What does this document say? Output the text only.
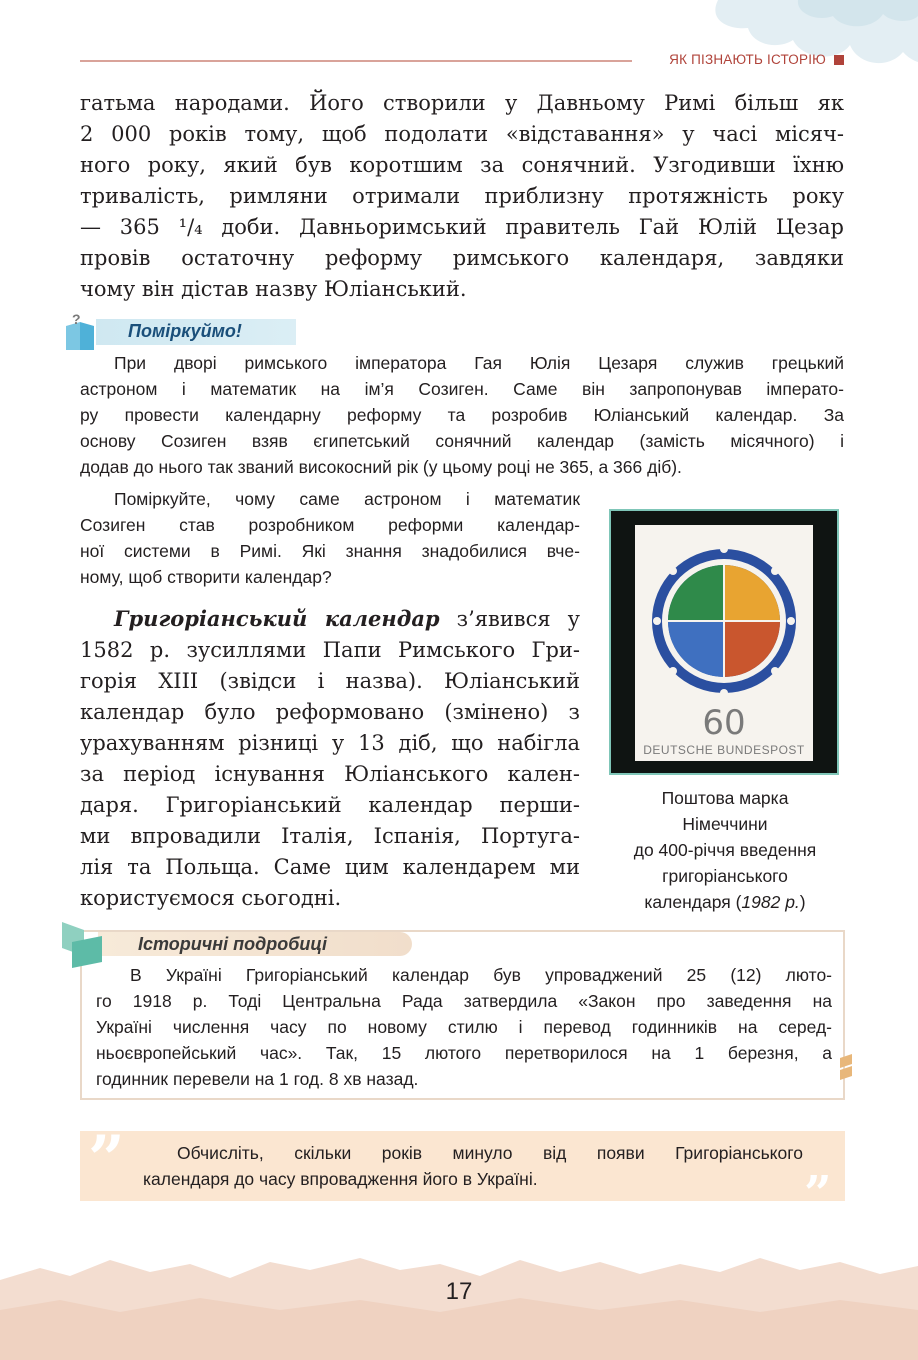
ЯК ПІЗНАЮТЬ ІСТОРІЮ
гатьма народами. Його створили у Давньому Римі більш як
2 000 років тому, щоб подолати «відставання» у часі місяч-
ного року, який був коротшим за сонячний. Узгодивши їхню
тривалість, римляни отримали приблизну протяжність року
— 365 ¹/₄ доби. Давньоримський правитель Гай Юлій Цезар
провів остаточну реформу римського календаря, завдяки
чому він дістав назву Юліанський.
?
Поміркуймо!
При дворі римського імператора Гая Юлія Цезаря служив грецький
астроном і математик на ім’я Созиген. Саме він запропонував імперато-
ру провести календарну реформу та розробив Юліанський календар. За
основу Созиген взяв єгипетський сонячний календар (замість місячного) і
додав до нього так званий високосний рік (у цьому році не 365, а 366 діб).
Поміркуйте, чому саме астроном і математик
Созиген став розробником реформи календар-
ної системи в Римі. Які знання знадобилися вче-
ному, щоб створити календар?
Григоріанський календар з’явився у
1582 р. зусиллями Папи Римського Гри-
горія XIII (звідси і назва). Юліанський
календар було реформовано (змінено) з
урахуванням різниці у 13 діб, що набігла
за період існування Юліанського кален-
даря. Григоріанський календар перши-
ми впровадили Італія, Іспанія, Португа-
лія та Польща. Саме цим календарем ми
користуємося сьогодні.
60
DEUTSCHE BUNDESPOST
Поштова марка
Німеччини
до 400-річчя введення
григоріанського
календаря (1982 р.)
Історичні подробиці
В Україні Григоріанський календар був упроваджений 25 (12) люто-
го 1918 р. Тоді Центральна Рада затвердила «Закон про заведення на
Україні числення часу по новому стилю і перевод годинників на серед-
ньоєвропейський час». Так, 15 лютого перетворилося на 1 березня, а
годинник перевели на 1 год. 8 хв назад.
”	”
Обчисліть, скільки років минуло від появи Григоріанського
календаря до часу впровадження його в Україні.
17
